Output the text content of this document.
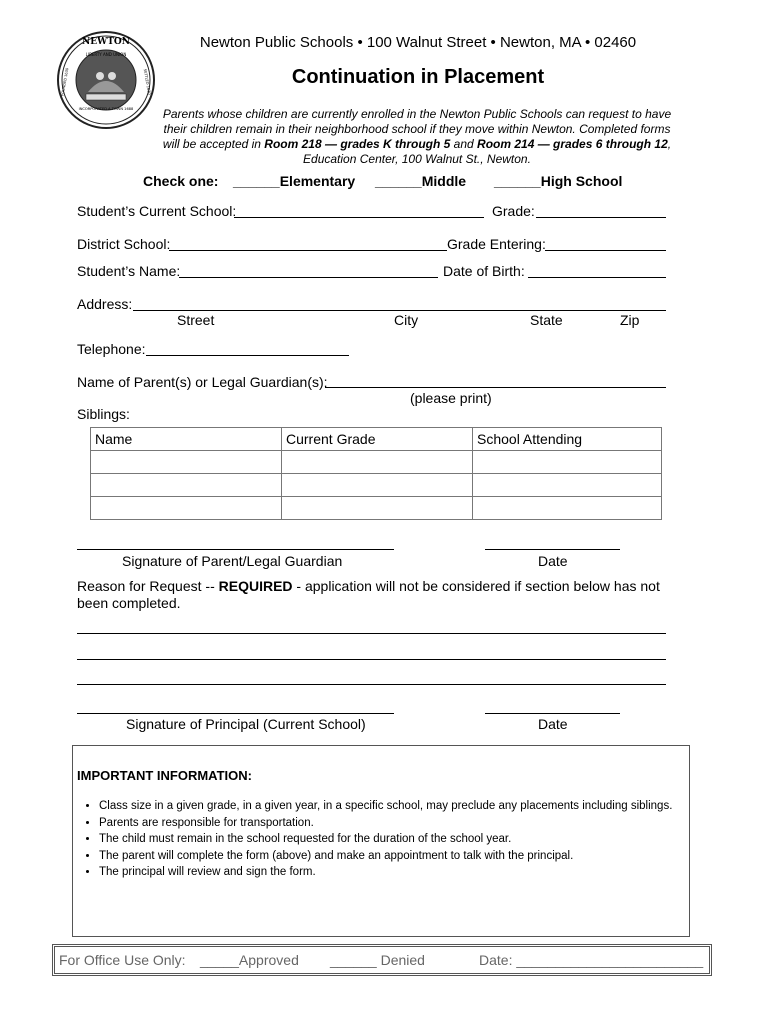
NEWTON
LIBERTY AND UNION
INCORPORATED A TOWN 1688
FOUNDED 1630	SETTLED 1630
Newton Public Schools • 100 Walnut Street • Newton, MA • 02460
Continuation in Placement
Parents whose children are currently enrolled in the Newton Public Schools can request to have their children remain in their neighborhood school if they move within Newton. Completed forms will be accepted in Room 218 — grades K through 5 and Room 214 — grades 6 through 12, Education Center, 100 Walnut St., Newton.
Check one: ______Elementary ______Middle ______High School
Student’s Current School:	Grade:
District School:	Grade Entering:
Student’s Name:	Date of Birth:
Address:
Street	City	State	Zip
Telephone:
Name of Parent(s) or Legal Guardian(s):
(please print)
Siblings:
Name	Current Grade	School Attending

Signature of Parent/Legal Guardian	Date
Reason for Request -- REQUIRED - application will not be considered if section below has not
been completed.
Signature of Principal (Current School)	Date
IMPORTANT INFORMATION:
• Class size in a given grade, in a given year, in a specific school, may preclude any placements including siblings.
• Parents are responsible for transportation.
• The child must remain in the school requested for the duration of the school year.
• The parent will complete the form (above) and make an appointment to talk with the principal.
• The principal will review and sign the form.
For Office Use Only: _____Approved ______ Denied	Date: ________________________
